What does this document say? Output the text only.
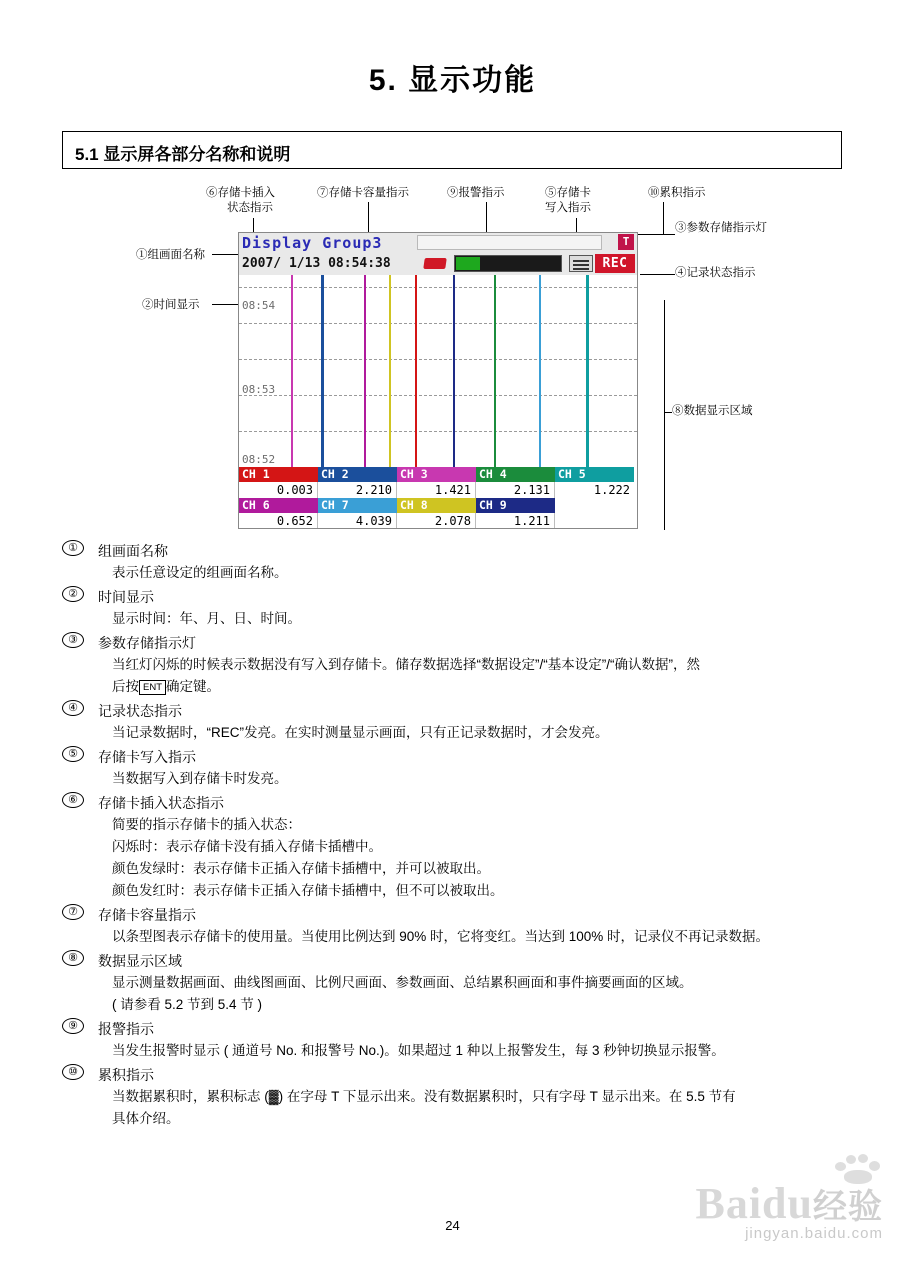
5. 显示功能
5.1 显示屏各部分名称和说明
⑥存储卡插入
状态指示
⑦存储卡容量指示	⑨报警指示	⑤存储卡
写入指示
⑩累积指示
③参数存储指示灯
①组画面名称
④记录状态指示
②时间显示
⑧数据显示区域
Display Group3	T
2007/ 1/13 08:54:38	REC
08:54
08:53
08:52
CH 1	CH 2	CH 3	CH 4	CH 5
0.003	2.210	1.421	2.131	1.222
CH 6	CH 7	CH 8	CH 9
0.652	4.039	2.078	1.211
①	组画面名称
表示任意设定的组画面名称。
②	时间显示
显示时间：年、月、日、时间。
③	参数存储指示灯
当红灯闪烁的时候表示数据没有写入到存储卡。储存数据选择“数据设定”/“基本设定”/“确认数据”，然
后按 ENT 确定键。
④	记录状态指示
当记录数据时，“REC”发亮。在实时测量显示画面，只有正记录数据时，才会发亮。
⑤	存储卡写入指示
当数据写入到存储卡时发亮。
⑥	存储卡插入状态指示
简要的指示存储卡的插入状态：
闪烁时：表示存储卡没有插入存储卡插槽中。
颜色发绿时：表示存储卡正插入存储卡插槽中，并可以被取出。
颜色发红时：表示存储卡正插入存储卡插槽中，但不可以被取出。
⑦	存储卡容量指示
以条型图表示存储卡的使用量。当使用比例达到 90% 时，它将变红。当达到 100% 时，记录仪不再记录数据。
⑧	数据显示区域
显示测量数据画面、曲线图画面、比例尺画面、参数画面、总结累积画面和事件摘要画面的区域。
( 请参看 5.2 节到 5.4 节 )
⑨	报警指示
当发生报警时显示 ( 通道号 No. 和报警号 No.)。如果超过 1 种以上报警发生，每 3 秒钟切换显示报警。
⑩	累积指示
当数据累积时，累积标志 (▓) 在字母 T 下显示出来。没有数据累积时，只有字母 T 显示出来。在 5.5 节有
具体介绍。
24	Baidu经验
jingyan.baidu.com
